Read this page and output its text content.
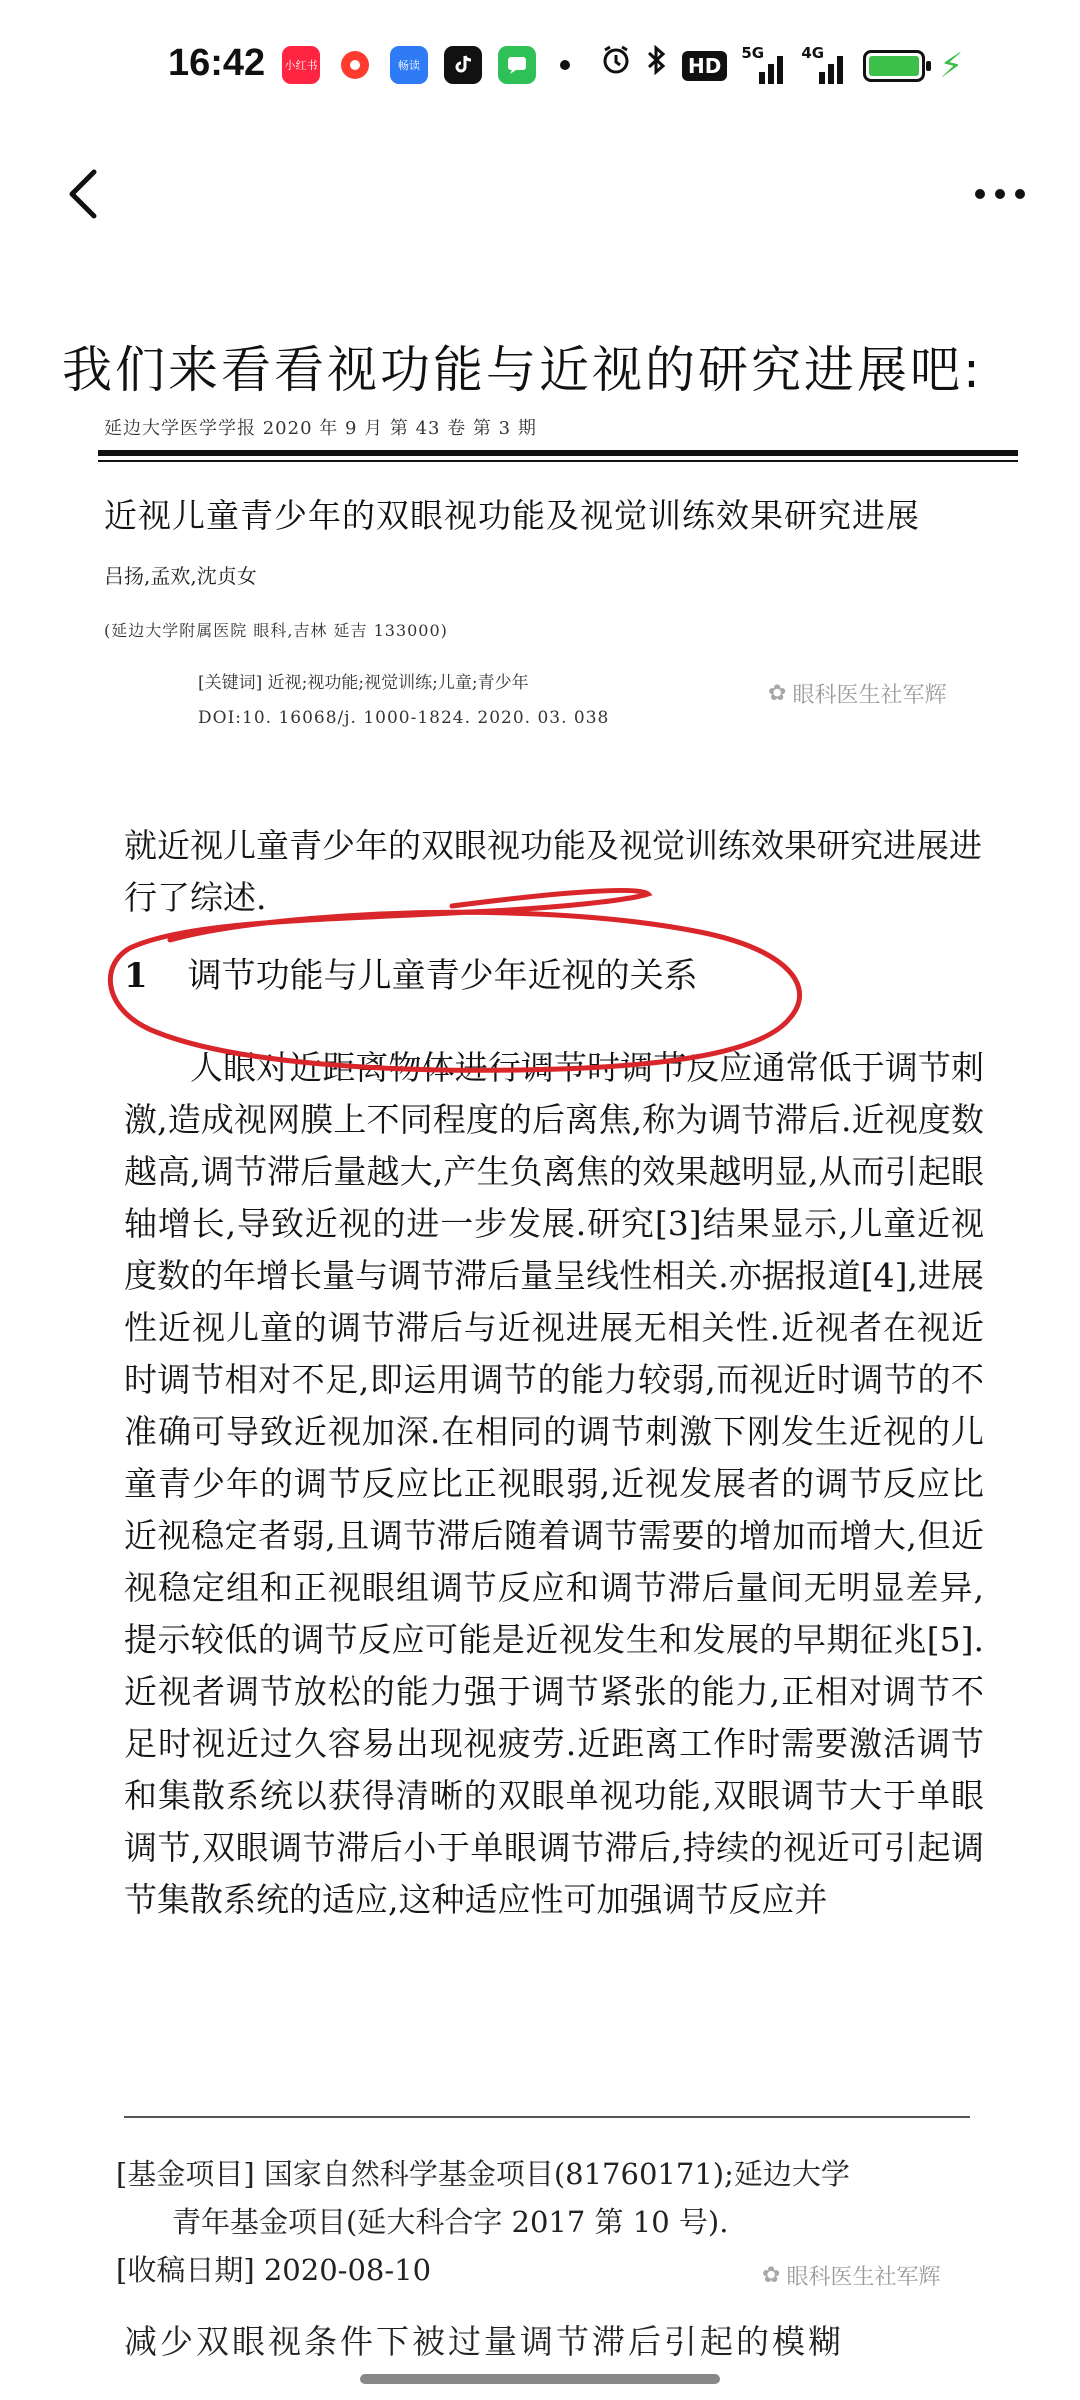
16:42 小红书	畅读	HD
5G 4G	⚡
我们来看看视功能与近视的研究进展吧:
延边大学医学学报 2020 年 9 月 第 43 卷 第 3 期
近视儿童青少年的双眼视功能及视觉训练效果研究进展
吕扬,孟欢,沈贞女
(延边大学附属医院 眼科,吉林 延吉 133000)
[关键词] 近视;视功能;视觉训练;儿童;青少年
DOI:10. 16068/j. 1000-1824. 2020. 03. 038
✿ 眼科医生社军辉
就近视儿童青少年的双眼视功能及视觉训练效果研究进展进行了综述.
1 调节功能与儿童青少年近视的关系
人眼对近距离物体进行调节时调节反应通常低于调节刺激,造成视网膜上不同程度的后离焦,称为调节滞后.近视度数越高,调节滞后量越大,产生负离焦的效果越明显,从而引起眼轴增长,导致近视的进一步发展.研究[3]结果显示,儿童近视度数的年增长量与调节滞后量呈线性相关.亦据报道[4],进展性近视儿童的调节滞后与近视进展无相关性.近视者在视近时调节相对不足,即运用调节的能力较弱,而视近时调节的不准确可导致近视加深.在相同的调节刺激下刚发生近视的儿童青少年的调节反应比正视眼弱,近视发展者的调节反应比近视稳定者弱,且调节滞后随着调节需要的增加而增大,但近视稳定组和正视眼组调节反应和调节滞后量间无明显差异,提示较低的调节反应可能是近视发生和发展的早期征兆[5].近视者调节放松的能力强于调节紧张的能力,正相对调节不足时视近过久容易出现视疲劳.近距离工作时需要激活调节和集散系统以获得清晰的双眼单视功能,双眼调节大于单眼调节,双眼调节滞后小于单眼调节滞后,持续的视近可引起调节集散系统的适应,这种适应性可加强调节反应并
[基金项目] 国家自然科学基金项目(81760171);延边大学
青年基金项目(延大科合字 2017 第 10 号).
[收稿日期] 2020-08-10	✿ 眼科医生社军辉
减少双眼视条件下被过量调节滞后引起的模糊
